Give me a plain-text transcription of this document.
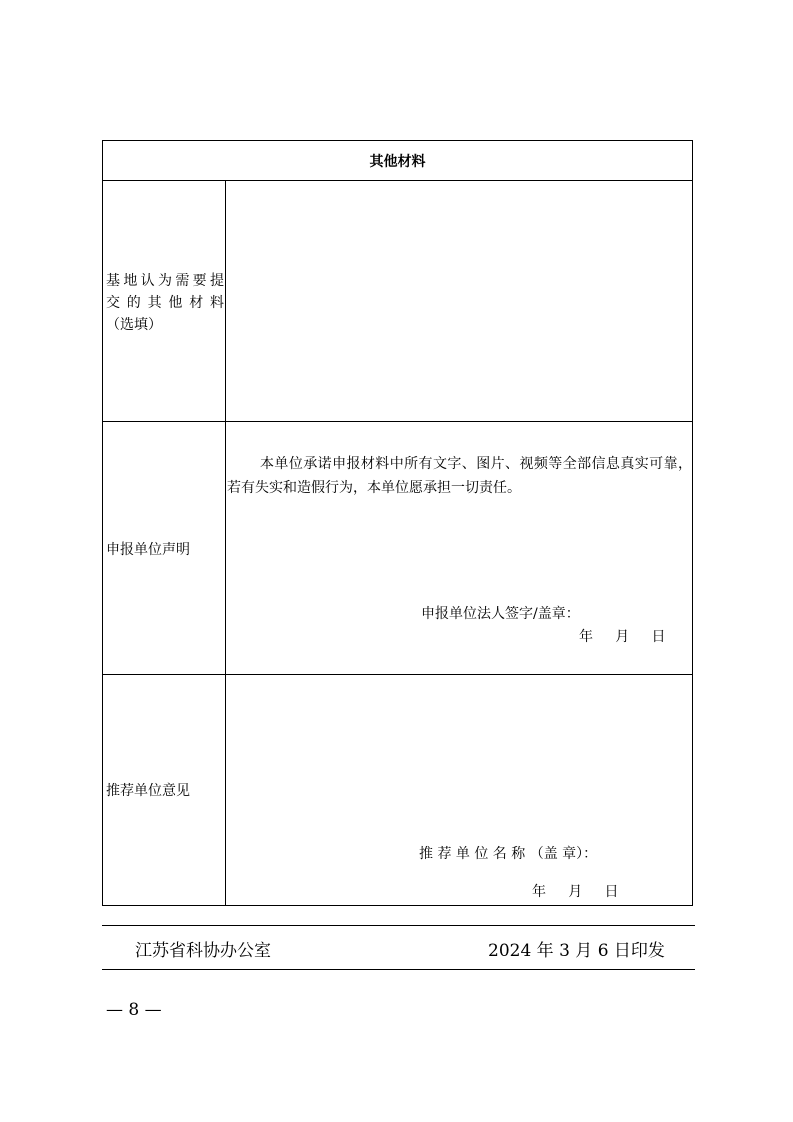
其他材料
基地认为需要提
交的其他材料
（选填）
申报单位声明
本单位承诺申报材料中所有文字、图片、视频等全部信息真实可靠，若有失实和造假行为，本单位愿承担一切责任。
申报单位法人签字/盖章：
年     月     日
推荐单位意见
推 荐 单 位 名 称 （盖 章）：
年     月     日
江苏省科协办公室	2024 年 3 月 6 日印发
— 8 —
